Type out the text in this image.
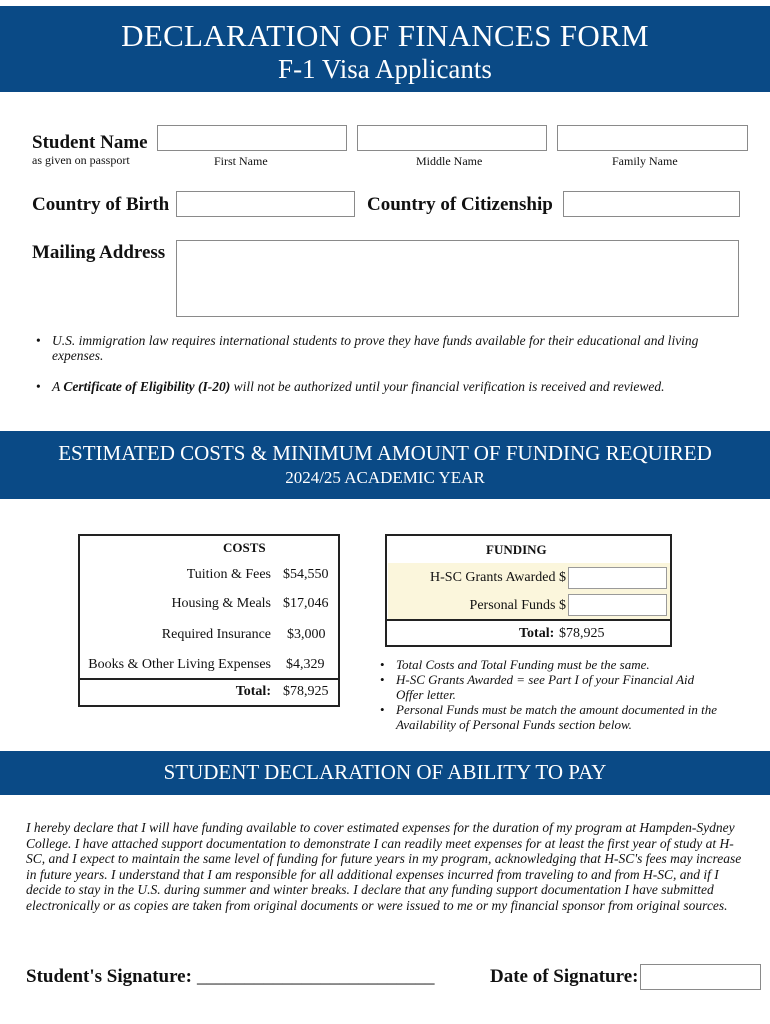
DECLARATION OF FINANCES FORM
F-1 Visa Applicants
Student Name
as given on passport	First Name	Middle Name	Family Name
Country of Birth	Country of Citizenship
Mailing Address
• U.S. immigration law requires international students to prove they have funds available for their educational and living expenses.
• A Certificate of Eligibility (I-20) will not be authorized until your financial verification is received and reviewed.
ESTIMATED COSTS & MINIMUM AMOUNT OF FUNDING REQUIRED
2024/25 ACADEMIC YEAR
COSTS
Tuition & Fees $54,550
Housing & Meals $17,046
Required Insurance $3,000
Books & Other Living Expenses $4,329
Total: $78,925
FUNDING
H-SC Grants Awarded $
Personal Funds $
Total: $78,925
• Total Costs and Total Funding must be the same.
• H-SC Grants Awarded = see Part I of your Financial Aid Offer letter.
• Personal Funds must be match the amount documented in the Availability of Personal Funds section below.
STUDENT DECLARATION OF ABILITY TO PAY
I hereby declare that I will have funding available to cover estimated expenses for the duration of my program at Hampden-Sydney College. I have attached support documentation to demonstrate I can readily meet expenses for at least the first year of study at H-SC, and I expect to maintain the same level of funding for future years in my program, acknowledging that H-SC's fees may increase in future years. I understand that I am responsible for all additional expenses incurred from traveling to and from H-SC, and if I decide to stay in the U.S. during summer and winter breaks. I declare that any funding support documentation I have submitted electronically or as copies are taken from original documents or were issued to me or my financial sponsor from original sources.
Student's Signature: _________________________	Date of Signature:
